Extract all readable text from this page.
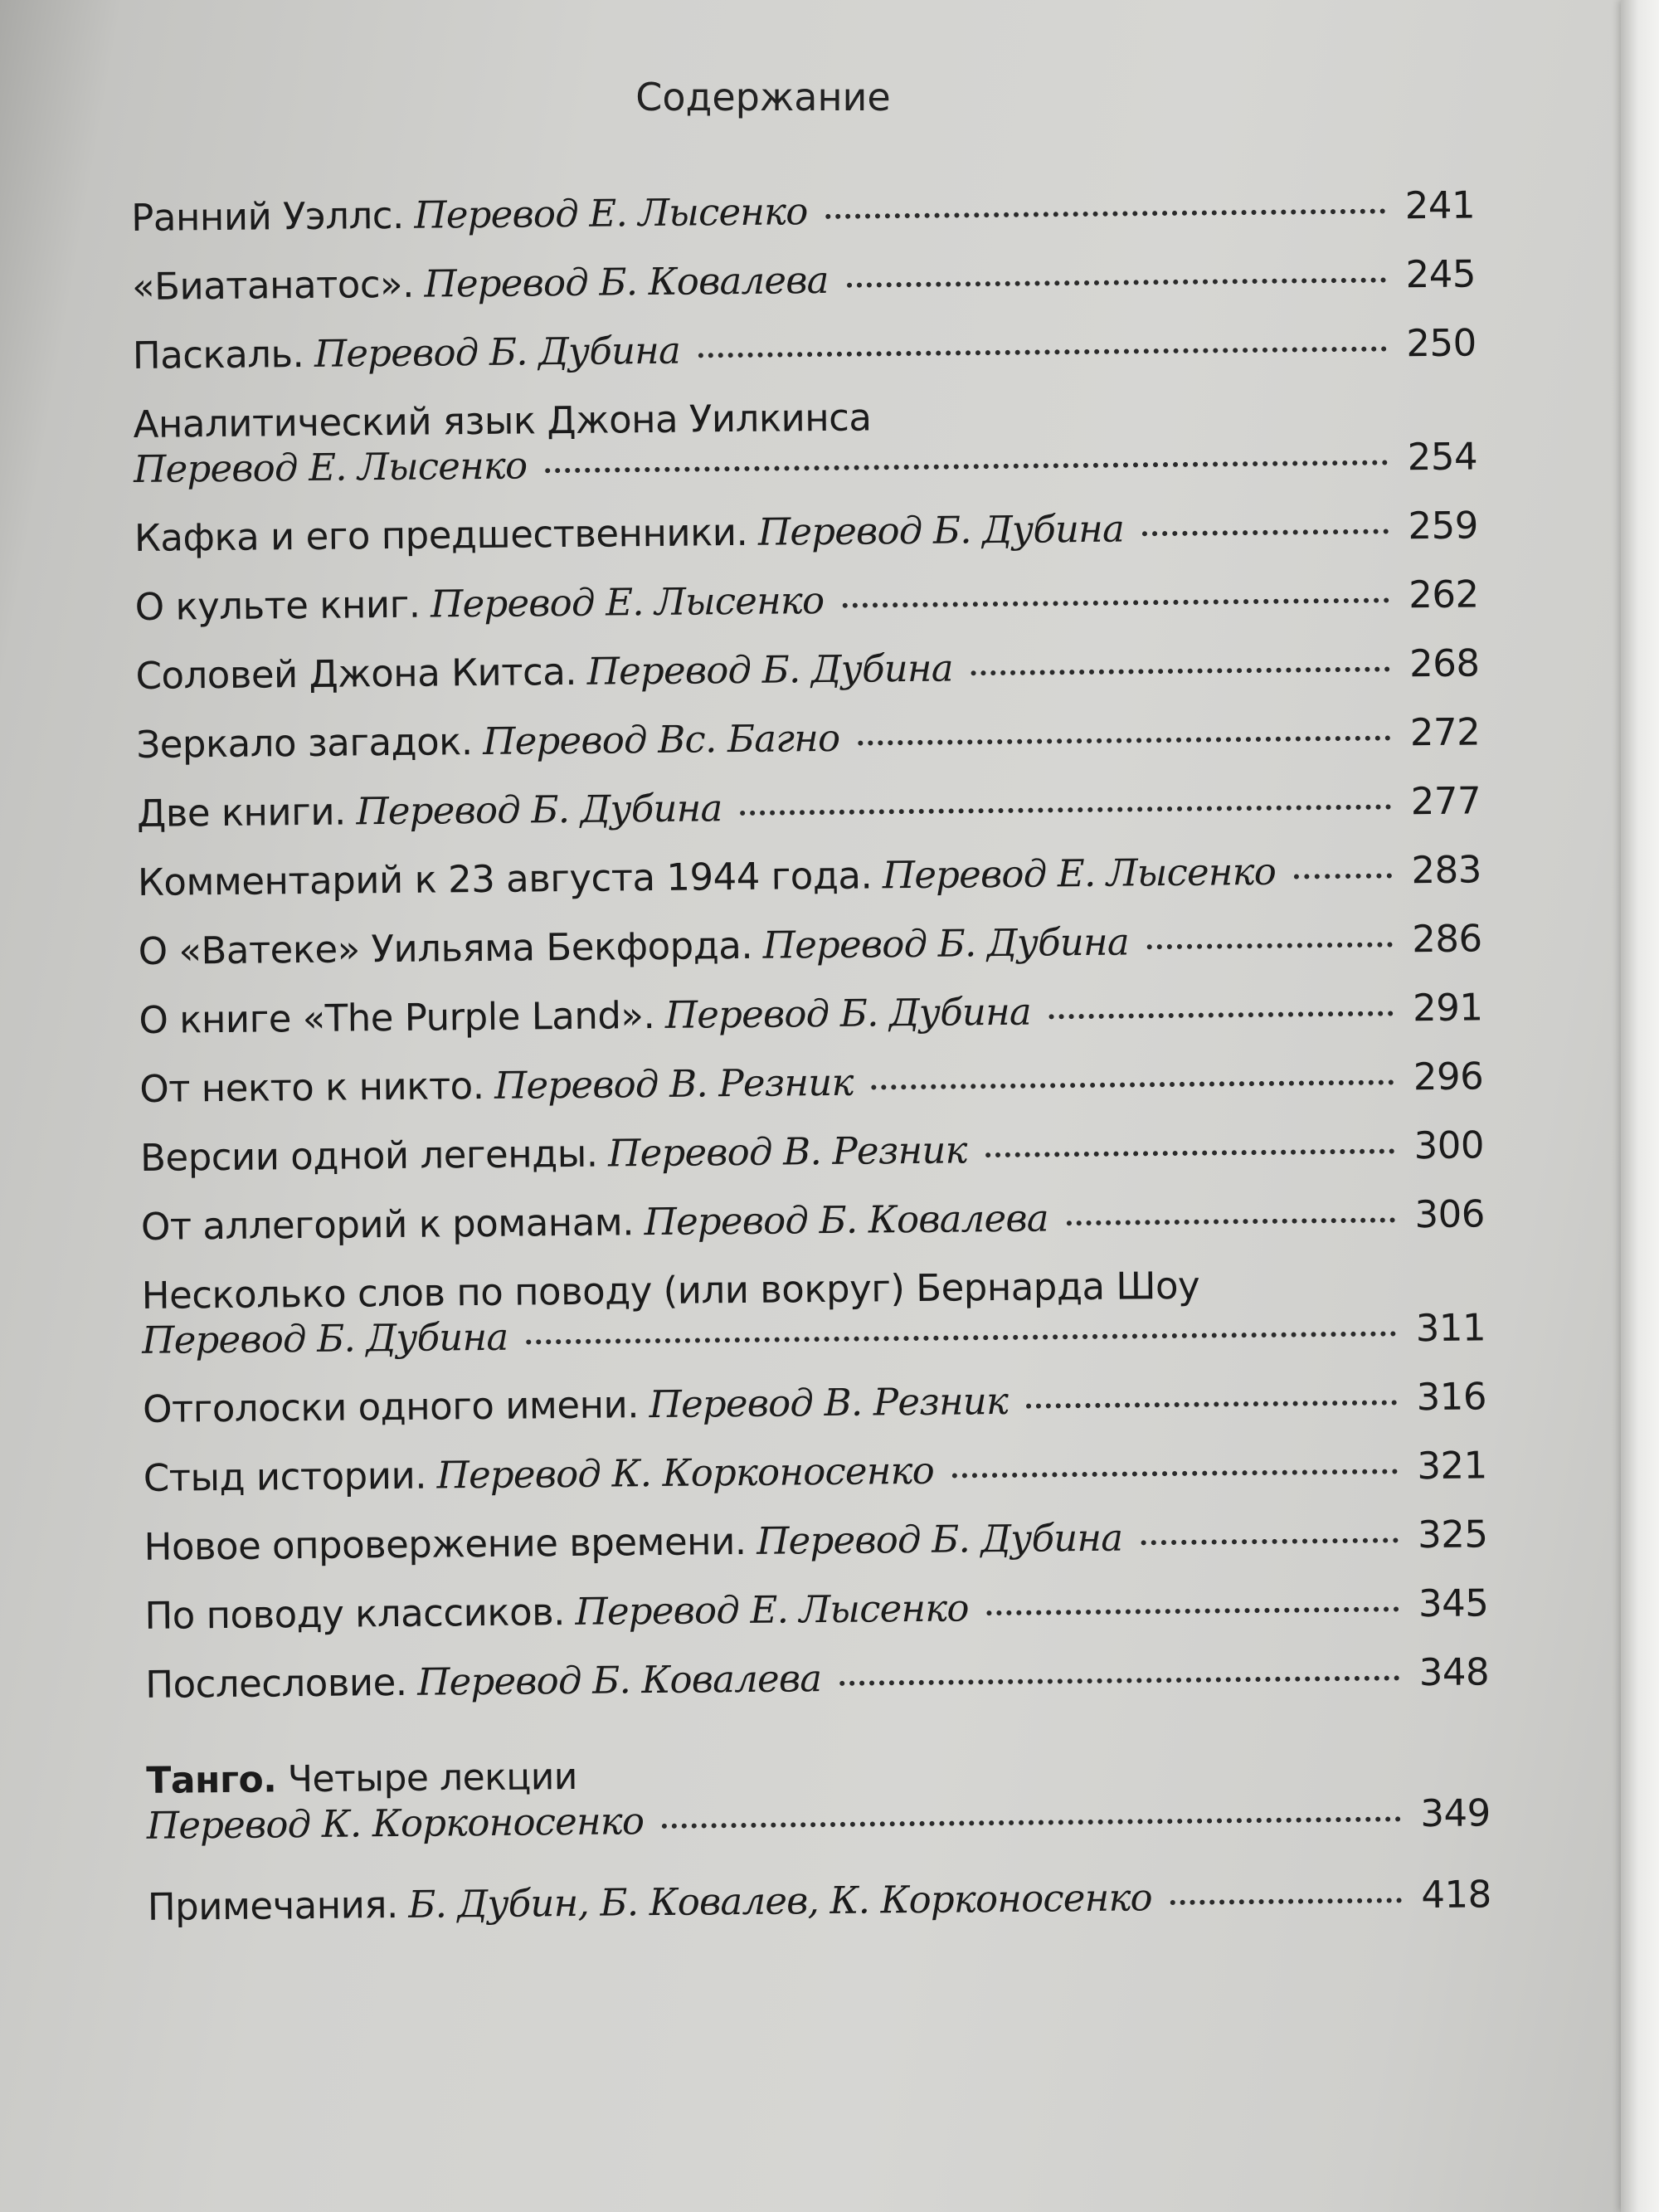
Содержание
Ранний Уэллс. Перевод Е. Лысенко	241
«Биатанатос». Перевод Б. Ковалева	245
Паскаль. Перевод Б. Дубина	250
Аналитический язык Джона Уилкинса
Перевод Е. Лысенко	254
Кафка и его предшественники. Перевод Б. Дубина	259
О культе книг. Перевод Е. Лысенко	262
Соловей Джона Китса. Перевод Б. Дубина	268
Зеркало загадок. Перевод Вс. Багно	272
Две книги. Перевод Б. Дубина	277
Комментарий к 23 августа 1944 года. Перевод Е. Лысенко	283
О «Ватеке» Уильяма Бекфорда. Перевод Б. Дубина	286
О книге «The Purple Land». Перевод Б. Дубина	291
От некто к никто. Перевод В. Резник	296
Версии одной легенды. Перевод В. Резник	300
От аллегорий к романам. Перевод Б. Ковалева	306
Несколько слов по поводу (или вокруг) Бернарда Шоу
Перевод Б. Дубина	311
Отголоски одного имени. Перевод В. Резник	316
Стыд истории. Перевод К. Корконосенко	321
Новое опровержение времени. Перевод Б. Дубина	325
По поводу классиков. Перевод Е. Лысенко	345
Послесловие. Перевод Б. Ковалева	348
Танго. Четыре лекции
Перевод К. Корконосенко	349
Примечания. Б. Дубин, Б. Ковалев, К. Корконосенко	418
